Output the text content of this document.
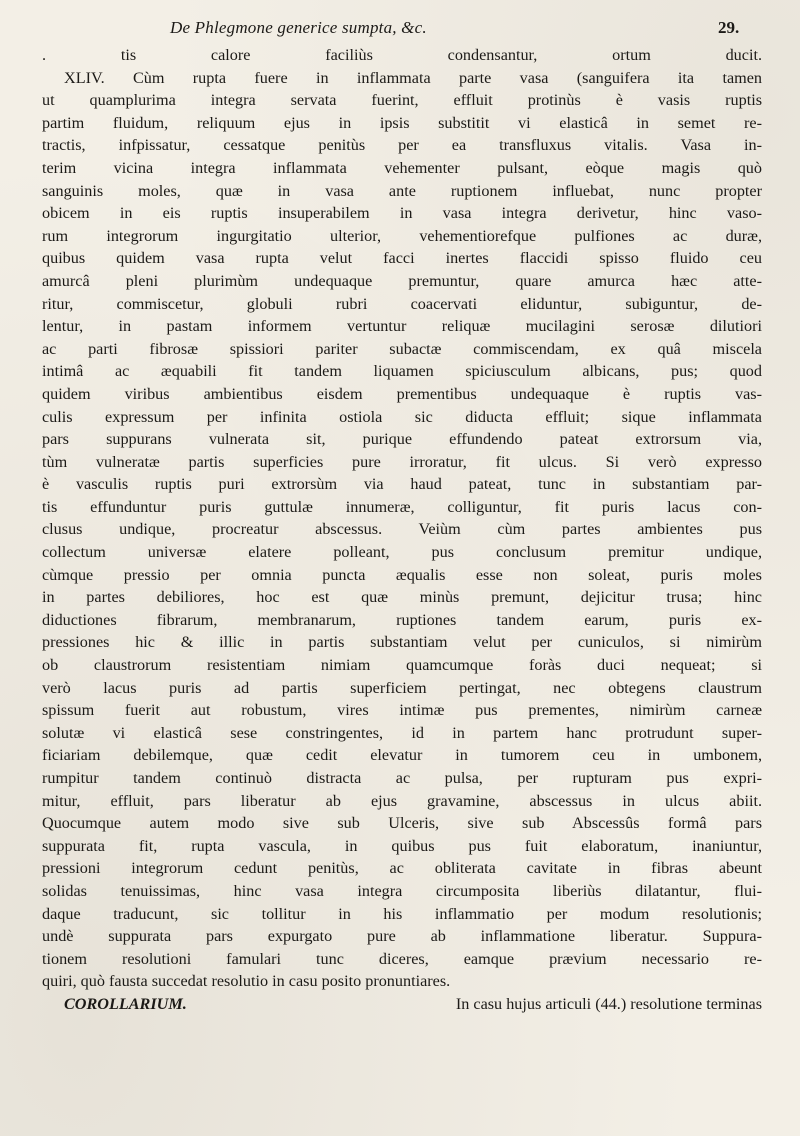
De Phlegmone generice sumpta, &c.	29.
. tis calore faciliùs condensantur, ortum ducit.
XLIV. Cùm rupta fuere in inflammata parte vasa (sanguifera ita tamen
ut quamplurima integra servata fuerint, effluit protinùs è vasis ruptis
partim fluidum, reliquum ejus in ipsis substitit vi elasticâ in semet re-
tractis, infpissatur, cessatque penitùs per ea transfluxus vitalis. Vasa in-
terim vicina integra inflammata vehementer pulsant, eòque magis quò
sanguinis moles, quæ in vasa ante ruptionem influebat, nunc propter
obicem in eis ruptis insuperabilem in vasa integra derivetur, hinc vaso-
rum integrorum ingurgitatio ulterior, vehementiorefque pulfiones ac duræ,
quibus quidem vasa rupta velut facci inertes flaccidi spisso fluido ceu
amurcâ pleni plurimùm undequaque premuntur, quare amurca hæc atte-
ritur, commiscetur, globuli rubri coacervati eliduntur, subiguntur, de-
lentur, in pastam informem vertuntur reliquæ mucilagini serosæ dilutiori
ac parti fibrosæ spissiori pariter subactæ commiscendam, ex quâ miscela
intimâ ac æquabili fit tandem liquamen spiciusculum albicans, pus; quod
quidem viribus ambientibus eisdem prementibus undequaque è ruptis vas-
culis expressum per infinita ostiola sic diducta effluit; sique inflammata
pars suppurans vulnerata sit, purique effundendo pateat extrorsum via,
tùm vulneratæ partis superficies pure irroratur, fit ulcus. Si verò expresso
è vasculis ruptis puri extrorsùm via haud pateat, tunc in substantiam par-
tis effunduntur puris guttulæ innumeræ, colliguntur, fit puris lacus con-
clusus undique, procreatur abscessus. Veiùm cùm partes ambientes pus
collectum universæ elatere polleant, pus conclusum premitur undique,
cùmque pressio per omnia puncta æqualis esse non soleat, puris moles
in partes debiliores, hoc est quæ minùs premunt, dejicitur trusa; hinc
diductiones fibrarum, membranarum, ruptiones tandem earum, puris ex-
pressiones hic & illic in partis substantiam velut per cuniculos, si nimirùm
ob claustrorum resistentiam nimiam quamcumque foràs duci nequeat; si
verò lacus puris ad partis superficiem pertingat, nec obtegens claustrum
spissum fuerit aut robustum, vires intimæ pus prementes, nimirùm carneæ
solutæ vi elasticâ sese constringentes, id in partem hanc protrudunt super-
ficiariam debilemque, quæ cedit elevatur in tumorem ceu in umbonem,
rumpitur tandem continuò distracta ac pulsa, per rupturam pus expri-
mitur, effluit, pars liberatur ab ejus gravamine, abscessus in ulcus abiit.
Quocumque autem modo sive sub Ulceris, sive sub Abscessûs formâ pars
suppurata fit, rupta vascula, in quibus pus fuit elaboratum, inaniuntur,
pressioni integrorum cedunt penitùs, ac obliterata cavitate in fibras abeunt
solidas tenuissimas, hinc vasa integra circumposita liberiùs dilatantur, flui-
daque traducunt, sic tollitur in his inflammatio per modum resolutionis;
undè suppurata pars expurgato pure ab inflammatione liberatur. Suppura-
tionem resolutioni famulari tunc diceres, eamque prævium necessario re-
quiri, quò fausta succedat resolutio in casu posito pronuntiares.
COROLLARIUM.	In casu hujus articuli (44.) resolutione terminas
